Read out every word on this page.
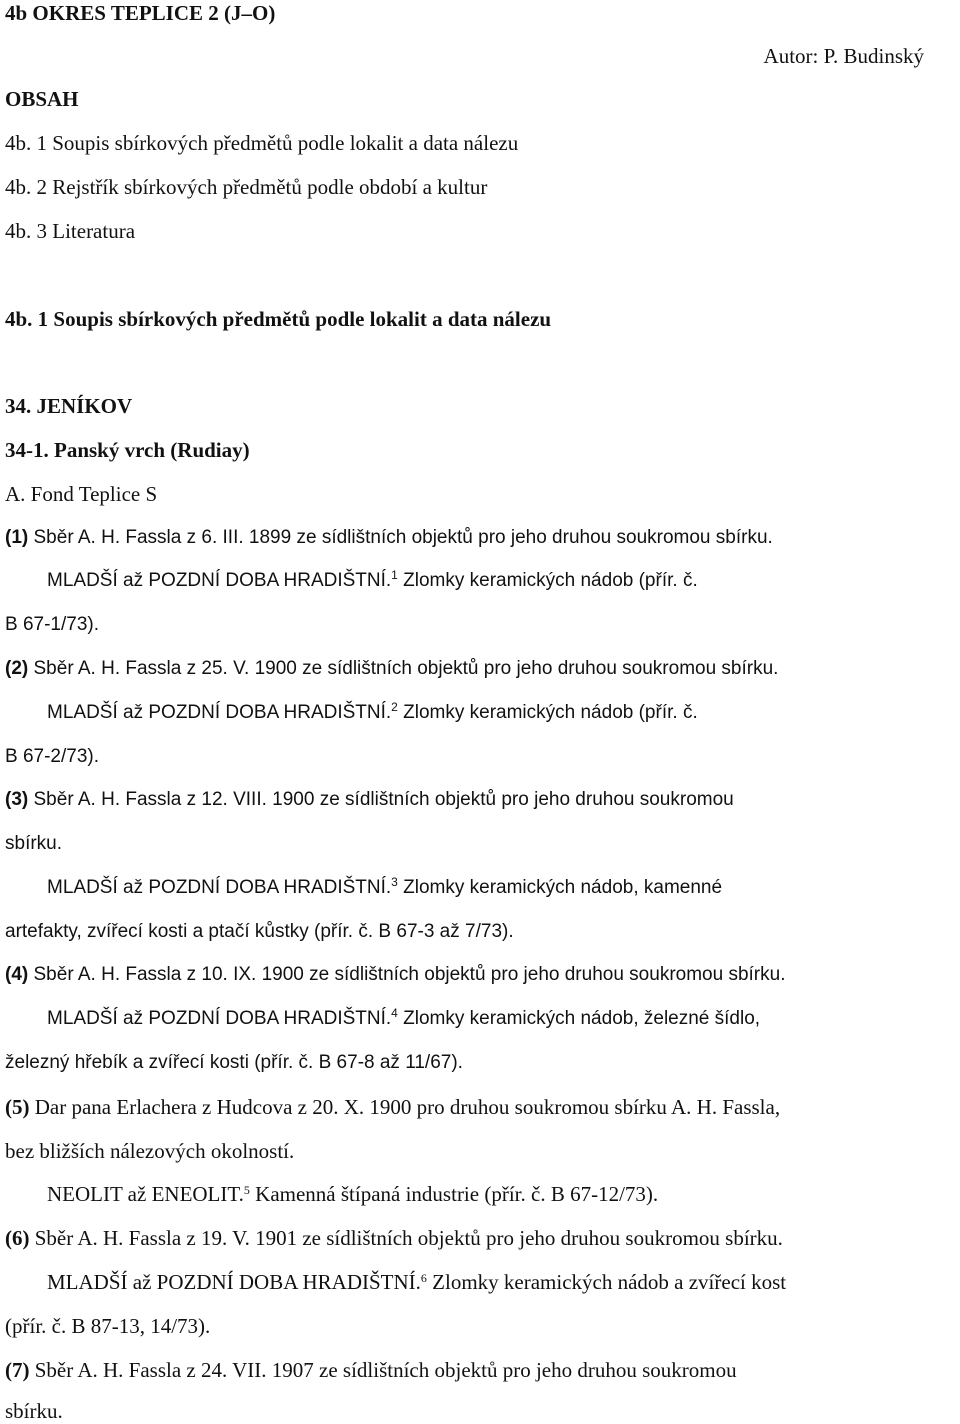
4b OKRES TEPLICE 2 (J–O)
Autor: P. Budinský
OBSAH
4b. 1 Soupis sbírkových předmětů podle lokalit a data nálezu
4b. 2 Rejstřík sbírkových předmětů podle období a kultur
4b. 3 Literatura
4b. 1 Soupis sbírkových předmětů podle lokalit a data nálezu
34. JENÍKOV
34-1. Panský vrch (Rudiay)
A. Fond Teplice S
(1) Sběr A. H. Fassla z 6. III. 1899 ze sídlištních objektů pro jeho druhou soukromou sbírku.
MLADŠÍ až POZDNÍ DOBA HRADIŠTNÍ.$^1$ Zlomky keramických nádob (přír. č.
B 67-1/73).
(2) Sběr A. H. Fassla z 25. V. 1900 ze sídlištních objektů pro jeho druhou soukromou sbírku.
MLADŠÍ až POZDNÍ DOBA HRADIŠTNÍ.$^2$ Zlomky keramických nádob (přír. č.
B 67-2/73).
(3) Sběr A. H. Fassla z 12. VIII. 1900 ze sídlištních objektů pro jeho druhou soukromou
sbírku.
MLADŠÍ až POZDNÍ DOBA HRADIŠTNÍ.$^3$ Zlomky keramických nádob, kamenné
artefakty, zvířecí kosti a ptačí kůstky (přír. č. B 67-3 až 7/73).
(4) Sběr A. H. Fassla z 10. IX. 1900 ze sídlištních objektů pro jeho druhou soukromou sbírku.
MLADŠÍ až POZDNÍ DOBA HRADIŠTNÍ.$^4$ Zlomky keramických nádob, železné šídlo,
železný hřebík a zvířecí kosti (přír. č. B 67-8 až 11/67).
(5) Dar pana Erlachera z Hudcova z 20. X. 1900 pro druhou soukromou sbírku A. H. Fassla,
bez bližších nálezových okolností.
NEOLIT až ENEOLIT.$^5$ Kamenná štípaná industrie (přír. č. B 67-12/73).
(6) Sběr A. H. Fassla z 19. V. 1901 ze sídlištních objektů pro jeho druhou soukromou sbírku.
MLADŠÍ až POZDNÍ DOBA HRADIŠTNÍ.$^6$ Zlomky keramických nádob a zvířecí kost
(přír. č. B 87-13, 14/73).
(7) Sběr A. H. Fassla z 24. VII. 1907 ze sídlištních objektů pro jeho druhou soukromou
sbírku.
